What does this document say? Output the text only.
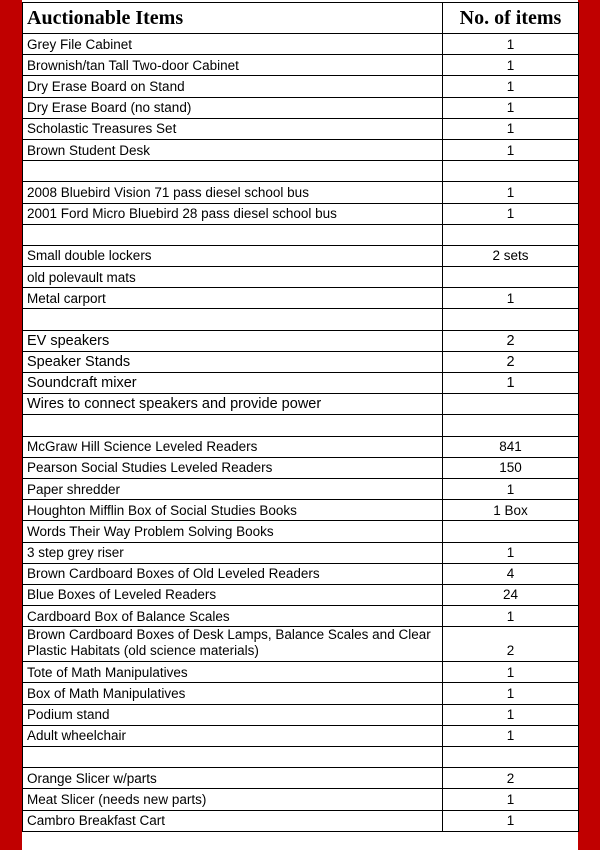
Auctionable Items	No. of items
Grey File Cabinet	1
Brownish/tan Tall Two-door Cabinet	1
Dry Erase Board on Stand	1
Dry Erase Board (no stand)	1
Scholastic Treasures Set	1
Brown Student Desk	1

2008 Bluebird Vision 71 pass diesel school bus	1
2001 Ford Micro Bluebird 28 pass diesel school bus	1

Small double lockers	2 sets
old polevault mats	
Metal carport	1

EV speakers	2
Speaker Stands	2
Soundcraft mixer	1
Wires to connect speakers and provide power	

McGraw Hill Science Leveled Readers	841
Pearson Social Studies Leveled Readers	150
Paper shredder	1
Houghton Mifflin Box of Social Studies Books	1 Box
Words Their Way Problem Solving Books	
3 step grey riser	1
Brown Cardboard Boxes of Old Leveled Readers	4
Blue Boxes of Leveled Readers	24
Cardboard Box of Balance Scales	1
Brown Cardboard Boxes of Desk Lamps, Balance Scales and Clear Plastic Habitats (old science materials)	2
Tote of Math Manipulatives	1
Box of Math Manipulatives	1
Podium stand	1
Adult wheelchair	1

Orange Slicer w/parts	2
Meat Slicer (needs new parts)	1
Cambro Breakfast Cart	1
